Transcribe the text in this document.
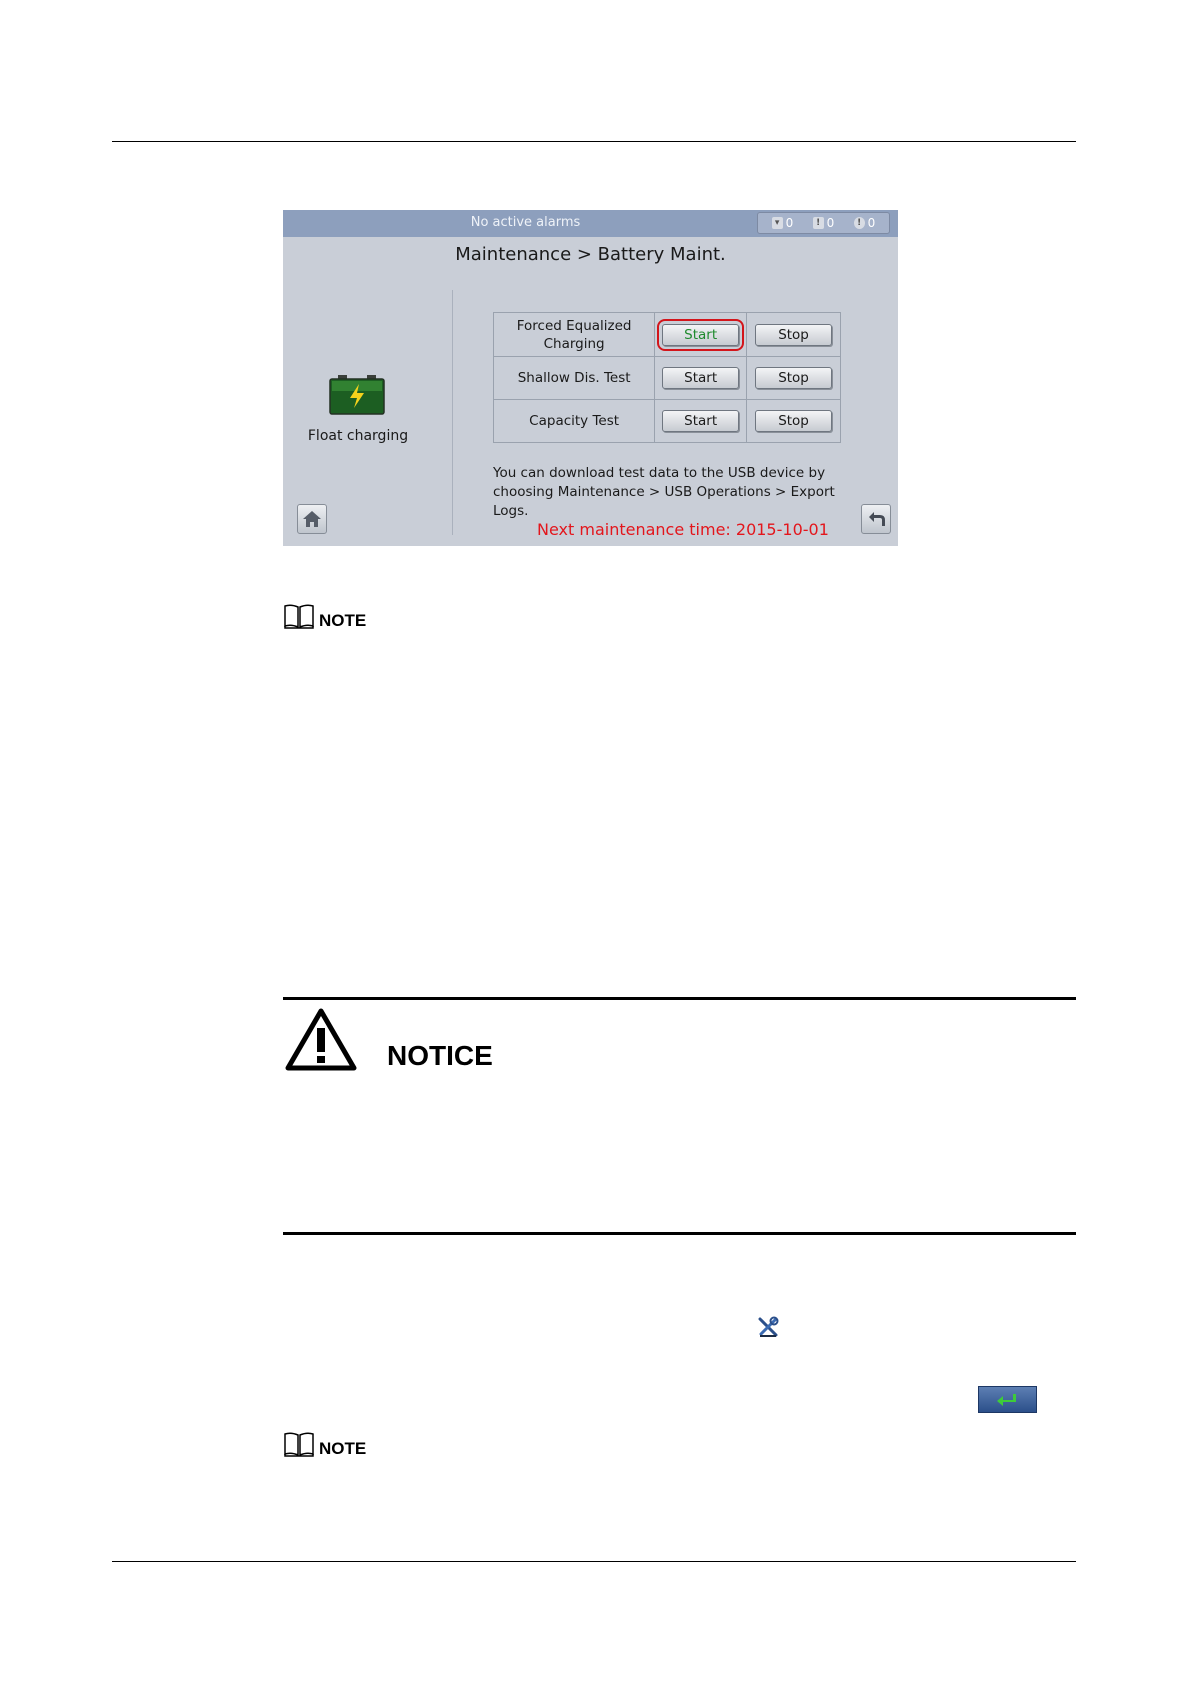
No active alarms	▾ 0	! 0	! 0
Maintenance > Battery Maint.
Float charging
Forced Equalized
Charging	Start	Stop
Shallow Dis. Test	Start	Stop
Capacity Test	Start	Stop
You can download test data to the USB device by choosing Maintenance > USB Operations > Export Logs.
Next maintenance time: 2015-10-01
NOTE
NOTICE
NOTE
